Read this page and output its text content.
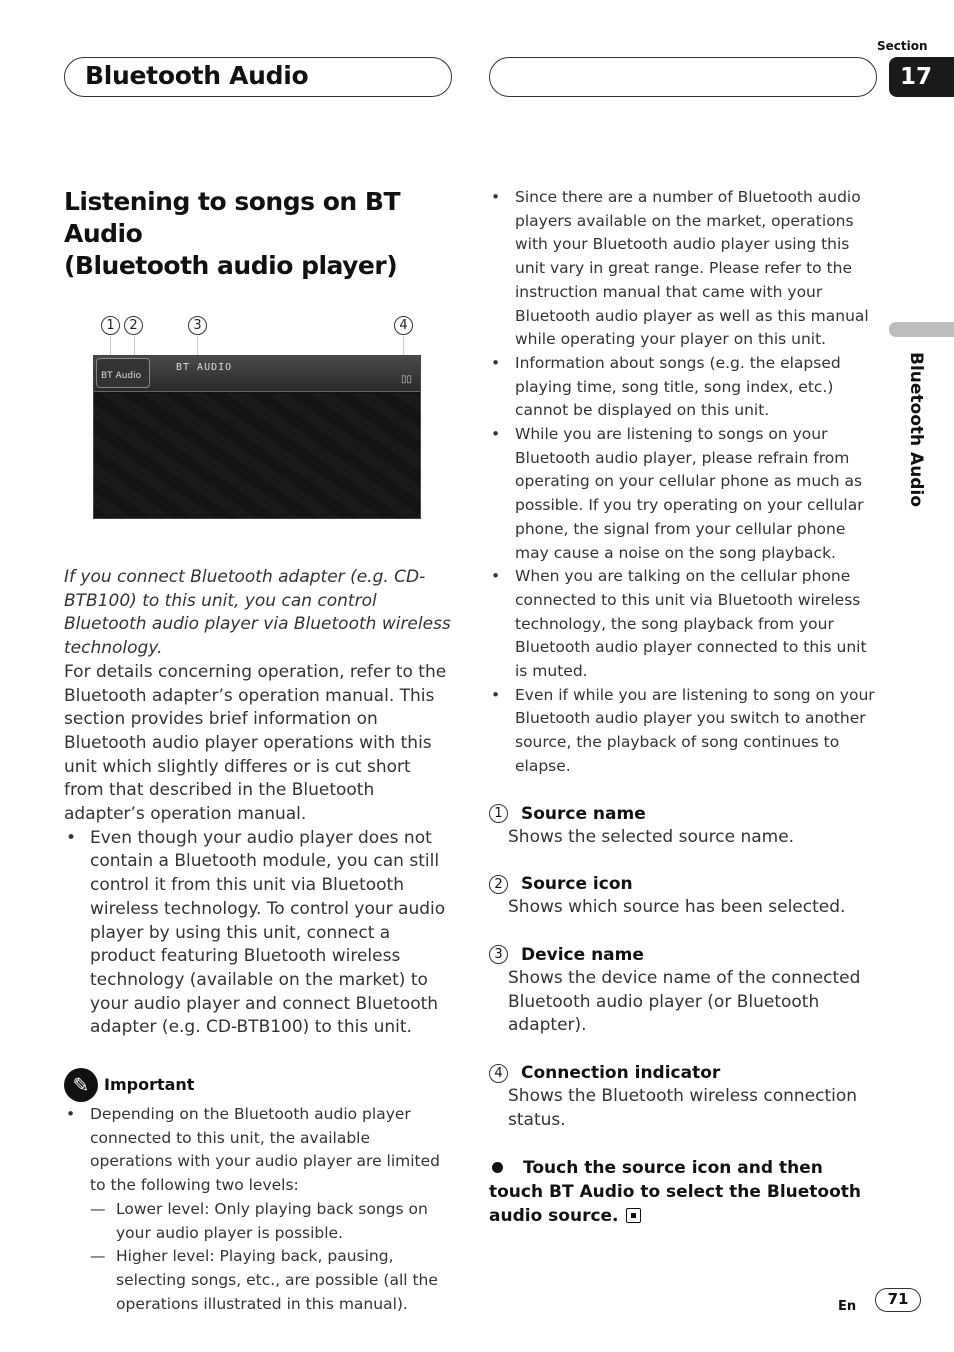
Bluetooth Audio
Section
17
Bluetooth Audio
Listening to songs on BT Audio
(Bluetooth audio player)
1	2	3	4
BT Audio
BT AUDIO
▯▯

If you connect Bluetooth adapter (e.g. CD-BTB100) to this unit, you can control Bluetooth audio player via Bluetooth wireless technology.

For details concerning operation, refer to the Bluetooth adapter’s operation manual. This section provides brief information on Bluetooth audio player operations with this unit which slightly differes or is cut short from that described in the Bluetooth adapter’s operation manual.

• Even though your audio player does not contain a Bluetooth module, you can still control it from this unit via Bluetooth wireless technology. To control your audio player by using this unit, connect a product featuring Bluetooth wireless technology (available on the market) to your audio player and connect Bluetooth adapter (e.g. CD-BTB100) to this unit.
✎ Important
• Depending on the Bluetooth audio player connected to this unit, the available operations with your audio player are limited to the following two levels:
— Lower level: Only playing back songs on your audio player is possible.
— Higher level: Playing back, pausing, selecting songs, etc., are possible (all the operations illustrated in this manual).
• Since there are a number of Bluetooth audio players available on the market, operations with your Bluetooth audio player using this unit vary in great range. Please refer to the instruction manual that came with your Bluetooth audio player as well as this manual while operating your player on this unit.
• Information about songs (e.g. the elapsed playing time, song title, song index, etc.) cannot be displayed on this unit.
• While you are listening to songs on your Bluetooth audio player, please refrain from operating on your cellular phone as much as possible. If you try operating on your cellular phone, the signal from your cellular phone may cause a noise on the song playback.
• When you are talking on the cellular phone connected to this unit via Bluetooth wireless technology, the song playback from your Bluetooth audio player connected to this unit is muted.
• Even if while you are listening to song on your Bluetooth audio player you switch to another source, the playback of song continues to elapse.
1	Source name
Shows the selected source name.
2	Source icon
Shows which source has been selected.
3	Device name
Shows the device name of the connected Bluetooth audio player (or Bluetooth adapter).
4	Connection indicator
Shows the Bluetooth wireless connection status.
Touch the source icon and then touch BT Audio to select the Bluetooth audio source.
En	71
